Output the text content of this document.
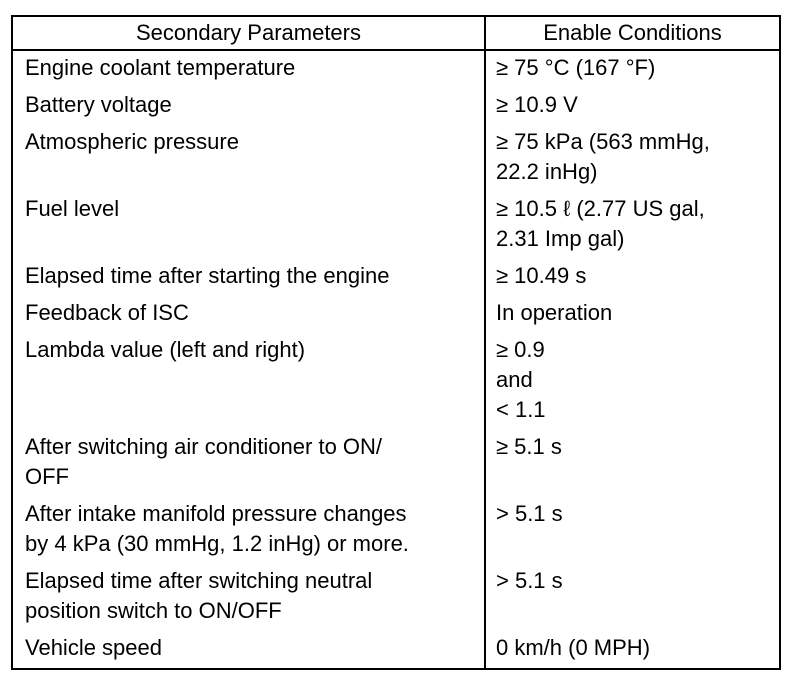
Secondary Parameters	Enable Conditions

Engine coolant temperature	≥ 75 °C (167 °F)

Battery voltage	≥ 10.9 V

Atmospheric pressure	≥ 75 kPa (563 mmHg,
22.2 inHg)

Fuel level	≥ 10.5 ℓ (2.77 US gal,
2.31 Imp gal)

Elapsed time after starting the engine	≥ 10.49 s

Feedback of ISC	In operation

Lambda value (left and right)	≥ 0.9
and
< 1.1

After switching air conditioner to ON/
OFF	≥ 5.1 s

After intake manifold pressure changes
by 4 kPa (30 mmHg, 1.2 inHg) or more.	> 5.1 s

Elapsed time after switching neutral
position switch to ON/OFF	> 5.1 s

Vehicle speed	0 km/h (0 MPH)
